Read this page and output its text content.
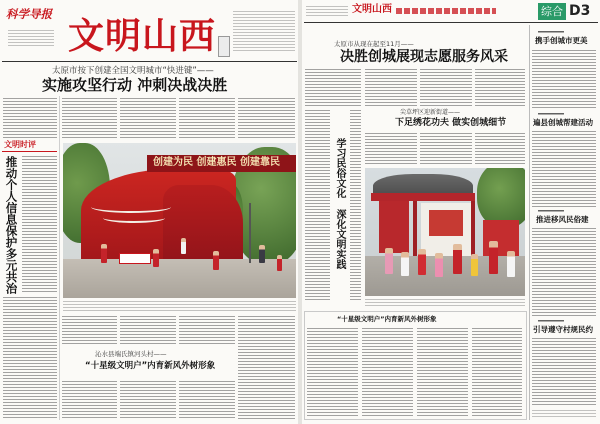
科学导报
文明山西
太原市按下创建全国文明城市“快进键”——
实施攻坚行动 冲刺决战决胜
文明时评
推动个人信息保护多元共治	创建为民 创建惠民 创建靠民
沁水县端氏镇河头村——
“十星级文明户”内育新风外树形象
文明山西	综合 D3
太原市从现在起至11月——
决胜创城展现志愿服务风采
学习民俗文化 深化文明实践
尖草坪区迎新街道——
下足绣花功夫 做实创城细节
“十星级文明户”内育新风外树形象
携手创城市更美
遍县创城帮建活动
推进移风民俗建
引导遵守村规民约
